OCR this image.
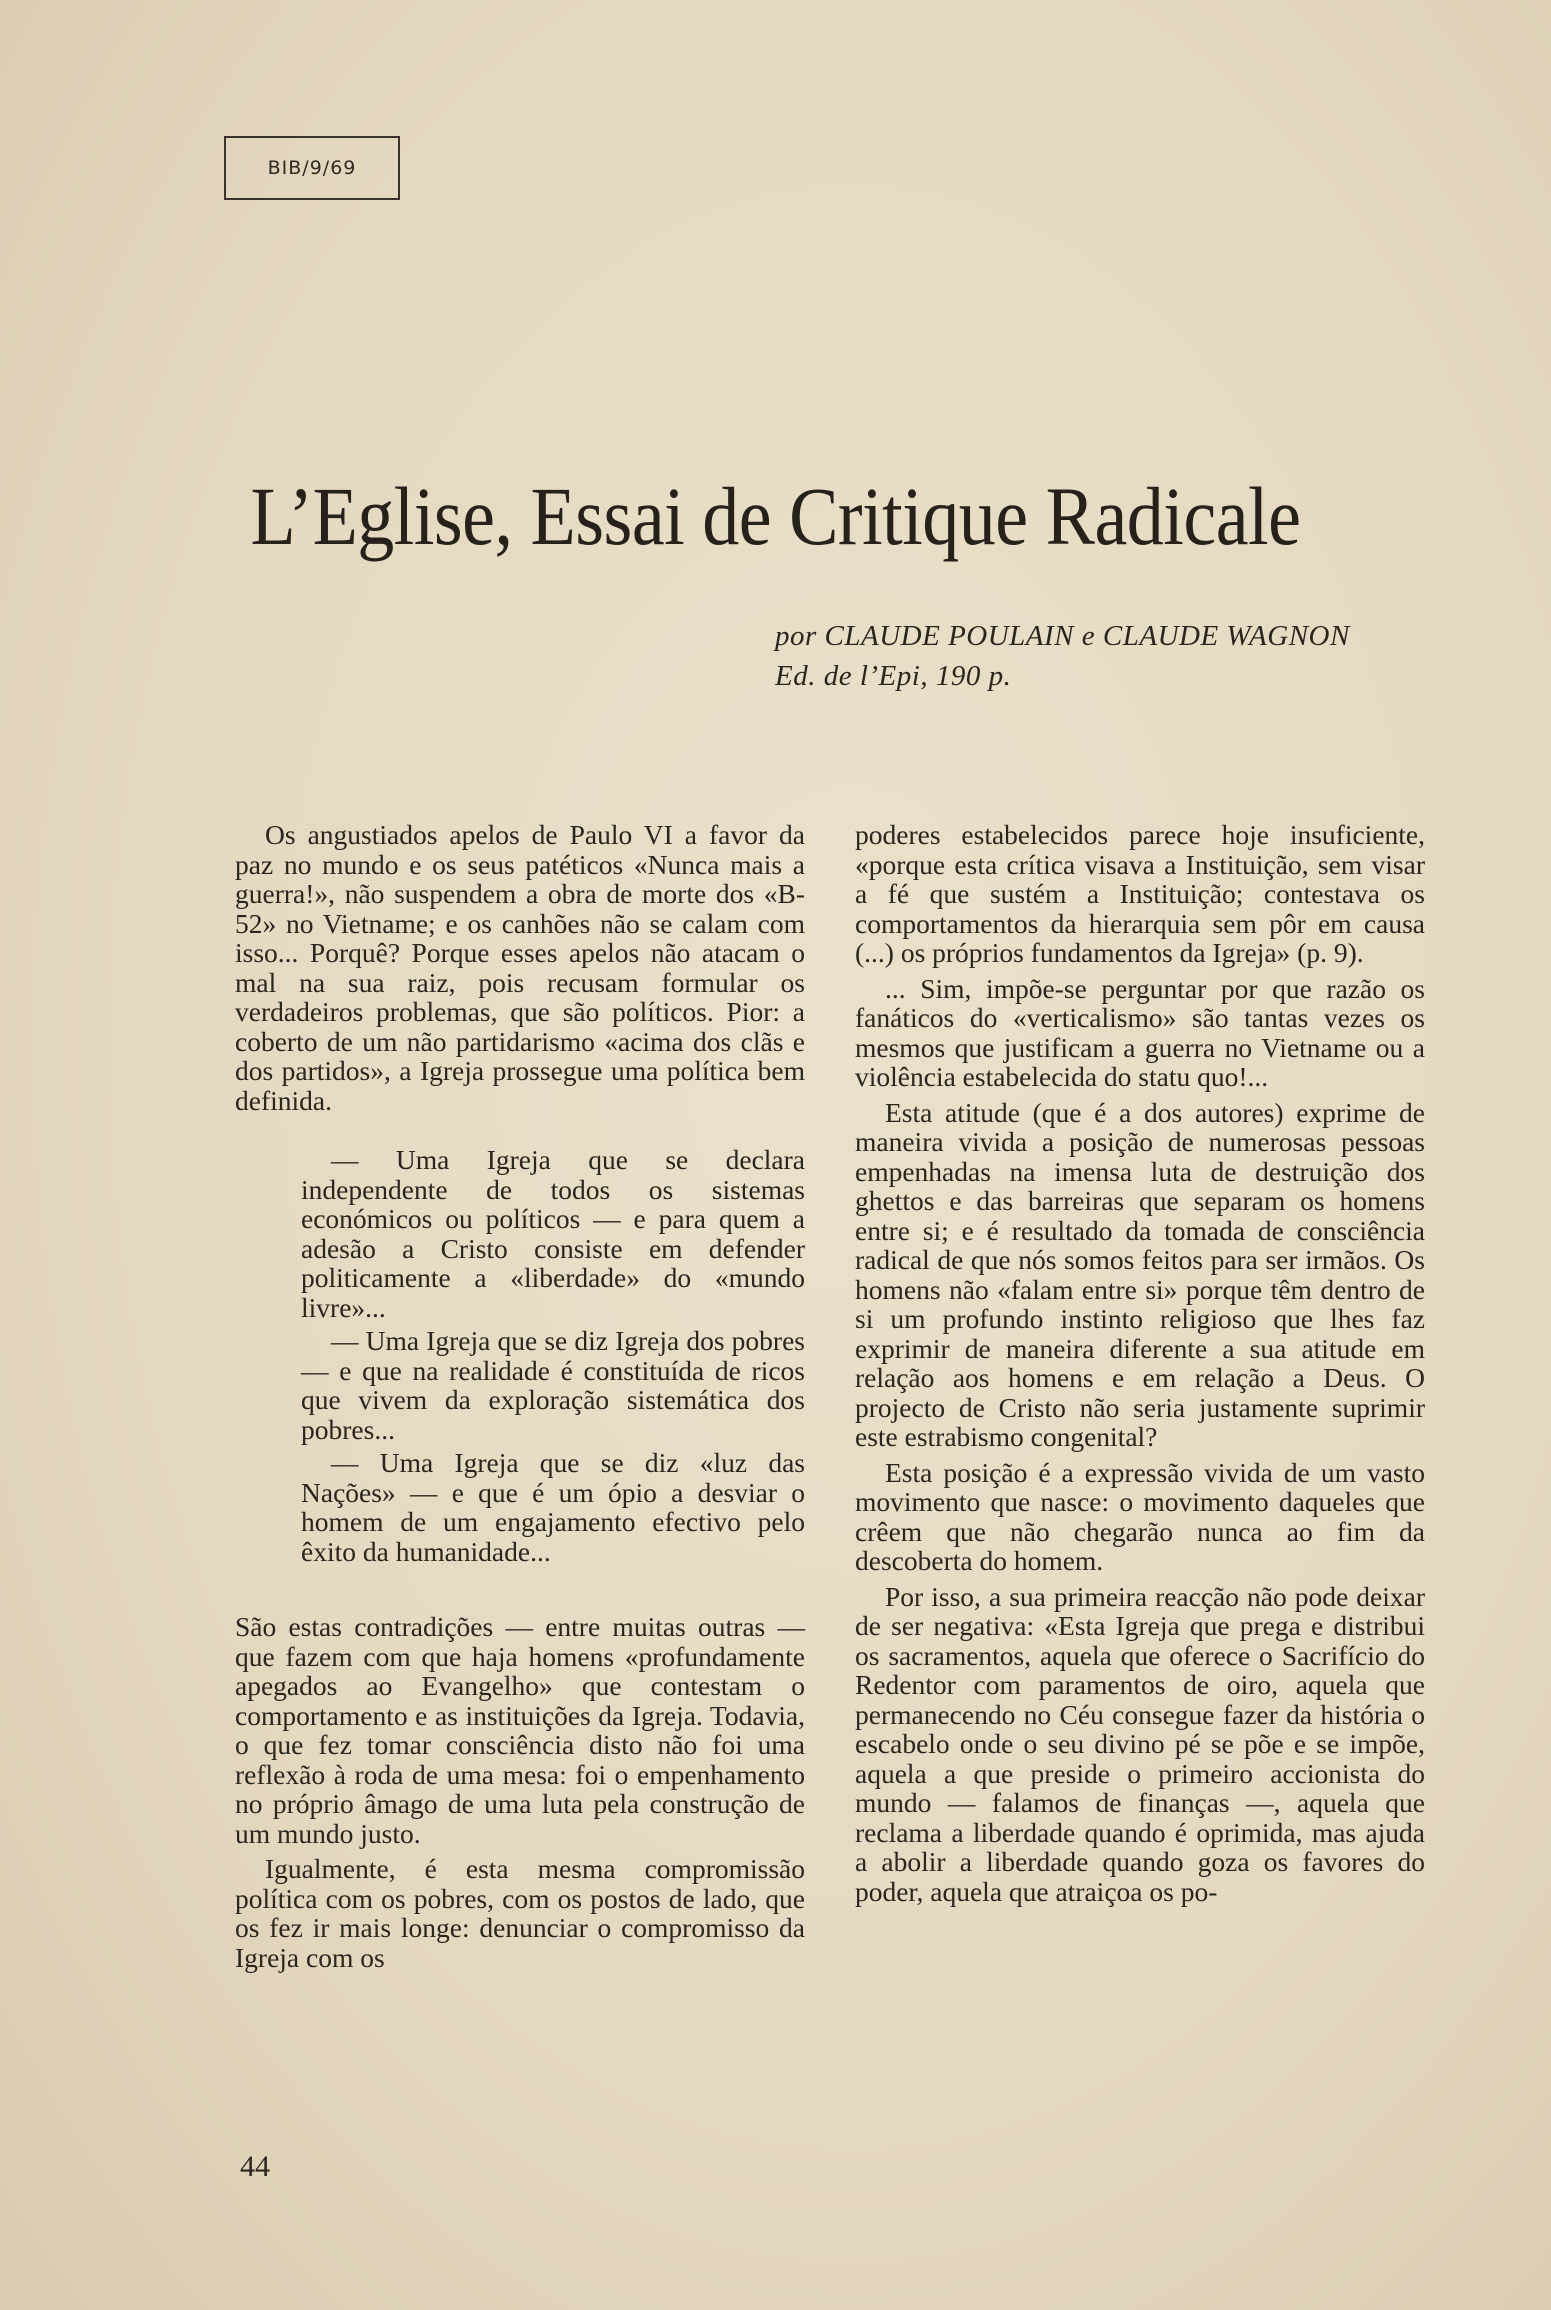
BIB/9/69
L’Eglise, Essai de Critique Radicale
por CLAUDE POULAIN e CLAUDE WAGNON
Ed. de l’Epi, 190 p.

Os angustiados apelos de Paulo VI a favor da paz no mundo e os seus patéticos «Nunca mais a guerra!», não suspendem a obra de morte dos «B-52» no Vietname; e os canhões não se calam com isso... Porquê? Porque esses apelos não atacam o mal na sua raiz, pois recusam formular os verdadeiros problemas, que são políticos. Pior: a coberto de um não partidarismo «acima dos clãs e dos partidos», a Igreja prossegue uma política bem definida.

— Uma Igreja que se declara independente de todos os sistemas económicos ou políticos — e para quem a adesão a Cristo consiste em defender politicamente a «liberdade» do «mundo livre»...

— Uma Igreja que se diz Igreja dos pobres — e que na realidade é constituída de ricos que vivem da exploração sistemática dos pobres...

— Uma Igreja que se diz «luz das Nações» — e que é um ópio a desviar o homem de um engajamento efectivo pelo êxito da humanidade...

São estas contradições — entre muitas outras — que fazem com que haja homens «profundamente apegados ao Evangelho» que contestam o comportamento e as instituições da Igreja. Todavia, o que fez tomar consciência disto não foi uma reflexão à roda de uma mesa: foi o empenhamento no próprio âmago de uma luta pela construção de um mundo justo.

Igualmente, é esta mesma compromissão política com os pobres, com os postos de lado, que os fez ir mais longe: denunciar o compromisso da Igreja com os

poderes estabelecidos parece hoje insuficiente, «porque esta crítica visava a Instituição, sem visar a fé que sustém a Instituição; contestava os comportamentos da hierarquia sem pôr em causa (...) os próprios fundamentos da Igreja» (p. 9).

... Sim, impõe-se perguntar por que razão os fanáticos do «verticalismo» são tantas vezes os mesmos que justificam a guerra no Vietname ou a violência estabelecida do statu quo!...

Esta atitude (que é a dos autores) exprime de maneira vivida a posição de numerosas pessoas empenhadas na imensa luta de destruição dos ghettos e das barreiras que separam os homens entre si; e é resultado da tomada de consciência radical de que nós somos feitos para ser irmãos. Os homens não «falam entre si» porque têm dentro de si um profundo instinto religioso que lhes faz exprimir de maneira diferente a sua atitude em relação aos homens e em relação a Deus. O projecto de Cristo não seria justamente suprimir este estrabismo congenital?

Esta posição é a expressão vivida de um vasto movimento que nasce: o movimento daqueles que crêem que não chegarão nunca ao fim da descoberta do homem.

Por isso, a sua primeira reacção não pode deixar de ser negativa: «Esta Igreja que prega e distribui os sacramentos, aquela que oferece o Sacrifício do Redentor com paramentos de oiro, aquela que permanecendo no Céu consegue fazer da história o escabelo onde o seu divino pé se põe e se impõe, aquela a que preside o primeiro accionista do mundo — falamos de finanças —, aquela que reclama a liberdade quando é oprimida, mas ajuda a abolir a liberdade quando goza os favores do poder, aquela que atraiçoa os po-

44
